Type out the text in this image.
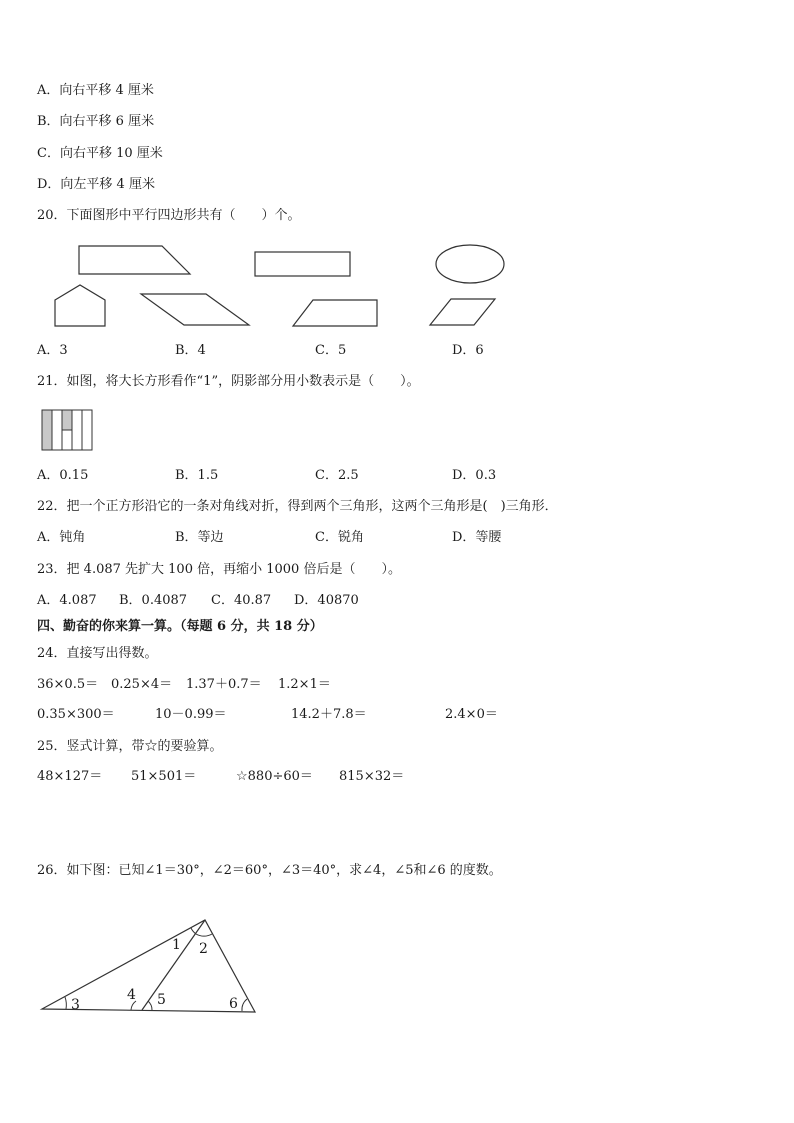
A．向右平移 4 厘米
B．向右平移 6 厘米
C．向右平移 10 厘米
D．向左平移 4 厘米
20．下面图形中平行四边形共有（　　）个。
A．3	B．4	C．5	D．6
21．如图，将大长方形看作“1”，阴影部分用小数表示是（　　）。
A．0.15	B．1.5	C．2.5	D．0.3
22．把一个正方形沿它的一条对角线对折，得到两个三角形，这两个三角形是(　)三角形．
A．钝角	B．等边	C．锐角	D．等腰
23．把 4.087 先扩大 100 倍，再缩小 1000 倍后是（　　）。
A．4.087 B．0.4087 C．40.87 D．40870
四、勤奋的你来算一算。（每题 6 分，共 18 分）
24．直接写出得数。
36×0.5＝ 0.25×4＝ 1.37＋0.7＝ 1.2×1＝
0.35×300＝	10－0.99＝	14.2＋7.8＝	2.4×0＝
25．竖式计算，带☆的要验算。
48×127＝ 51×501＝	☆880÷60＝ 815×32＝
26．如下图：已知∠1＝30°，∠2＝60°，∠3＝40°，求∠4，∠5和∠6 的度数。
1 2
3
4 5	6
